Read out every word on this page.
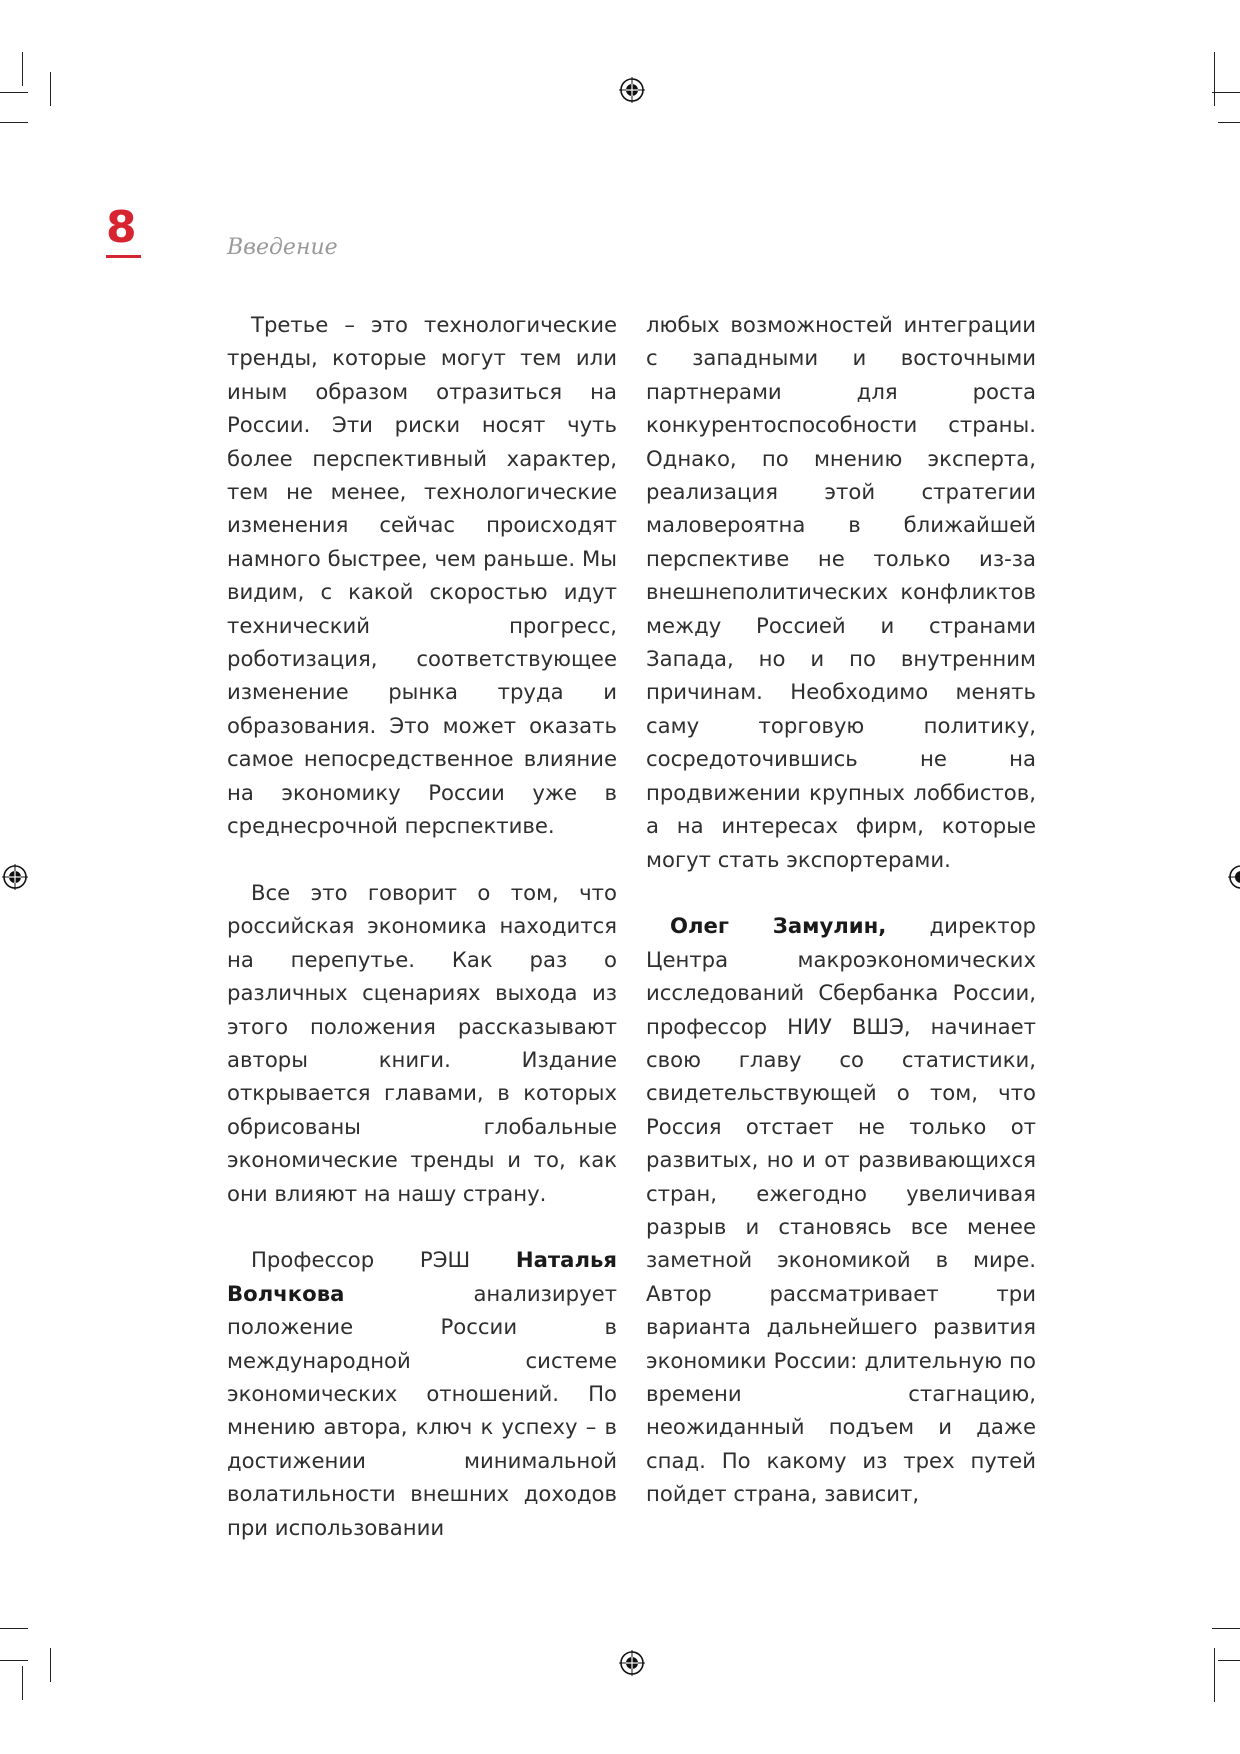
8	Введение

Третье – это технологические тренды, которые могут тем или иным образом отразиться на России. Эти риски носят чуть более перспективный характер, тем не менее, технологические изменения сейчас происходят намного быстрее, чем раньше. Мы видим, с какой скоростью идут технический прогресс, роботизация, соответствующее изменение рынка труда и образования. Это может оказать самое непосредственное влияние на экономику России уже в среднесрочной перспективе.

Все это говорит о том, что российская экономика находится на перепутье. Как раз о различных сценариях выхода из этого положения рассказывают авторы книги. Издание открывается главами, в которых обрисованы глобальные экономические тренды и то, как они влияют на нашу страну.

Профессор РЭШ Наталья Волчкова анализирует положение России в международной системе экономических отношений. По мнению автора, ключ к успеху – в достижении минимальной волатильности внешних доходов при использовании

любых возможностей интеграции с западными и восточными партнерами для роста конкурентоспособности страны. Однако, по мнению эксперта, реализация этой стратегии маловероятна в ближайшей перспективе не только из-за внешнеполитических конфликтов между Россией и странами Запада, но и по внутренним причинам. Необходимо менять саму торговую политику, сосредоточившись не на продвижении крупных лоббистов, а на интересах фирм, которые могут стать экспортерами.

Олег Замулин, директор Центра макроэкономических исследований Сбербанка России, профессор НИУ ВШЭ, начинает свою главу со статистики, свидетельствующей о том, что Россия отстает не только от развитых, но и от развивающихся стран, ежегодно увеличивая разрыв и становясь все менее заметной экономикой в мире. Автор рассматривает три варианта дальнейшего развития экономики России: длительную по времени стагнацию, неожиданный подъем и даже спад. По какому из трех путей пойдет страна, зависит,
